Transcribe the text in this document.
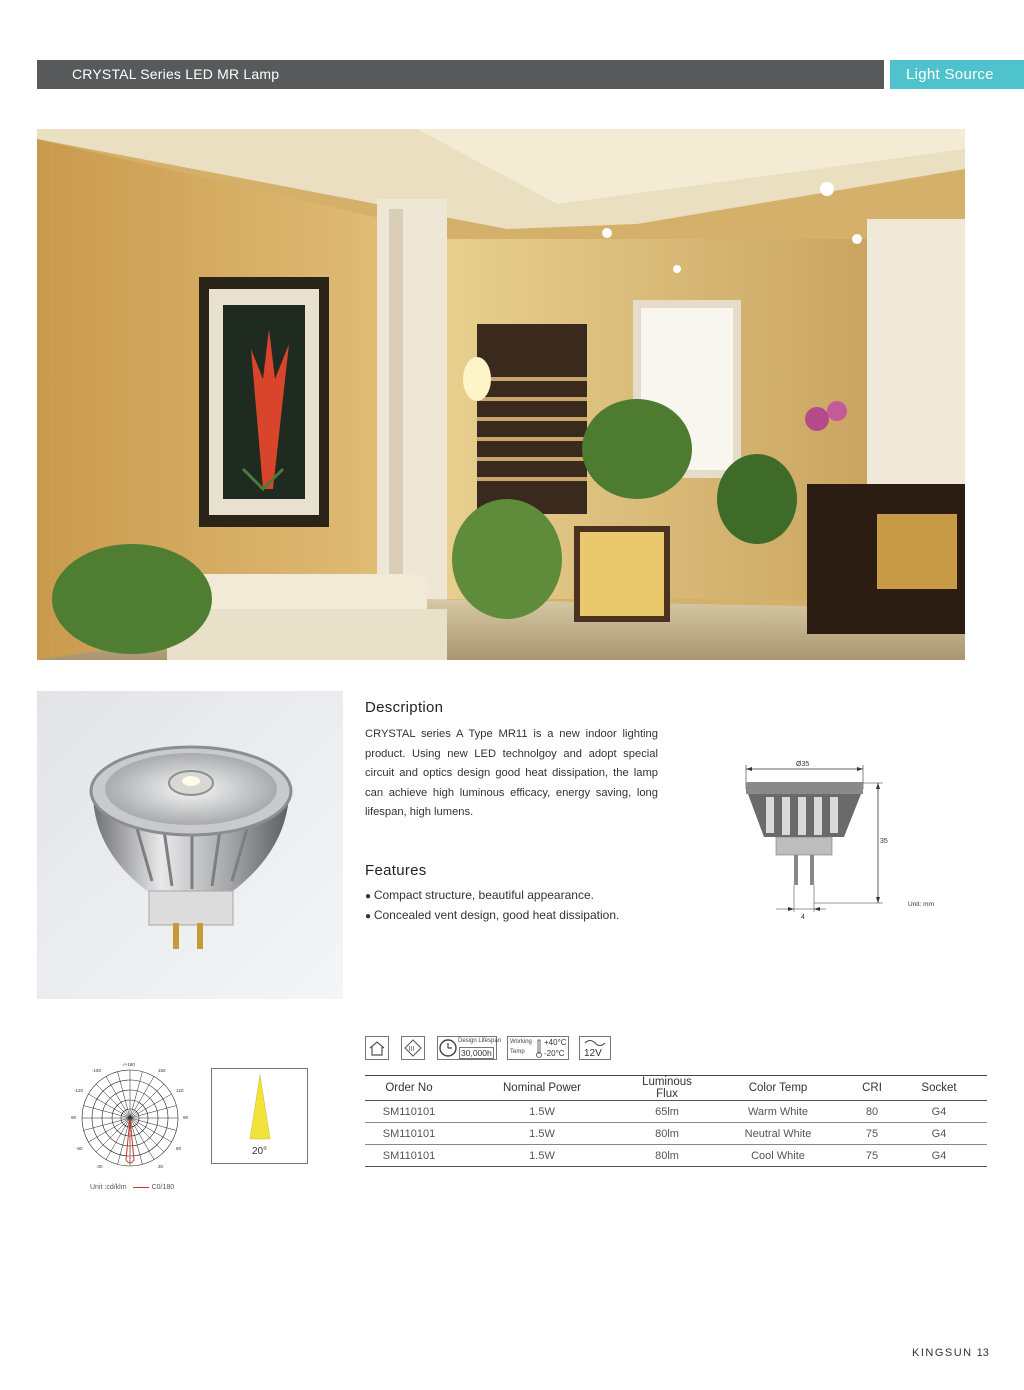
CRYSTAL Series LED MR Lamp	Light Source
Description
CRYSTAL series A Type MR11 is a new indoor lighting product. Using new LED technolgoy and adopt special circuit and optics design good heat dissipation, the lamp can achieve high luminous efficacy, energy saving, long lifespan, high lumens.
Features
● Compact structure, beautiful appearance.
● Concealed vent design, good heat dissipation.
Ø35
35
4
Unit: mm
III
Design Lifespan
30,000h
Working
Temp
+40°C
-20°C 12V
Order No	Nominal Power	Luminous Flux	Color Temp	CRI	Socket
SM110101	1.5W	65lm	Warm White	80	G4
SM110101	1.5W	80lm	Neutral White	75	G4
SM110101	1.5W	80lm	Cool White	75	G4
-/+180
-150	150
-120	120
90	90
-60	60
-30	30
Unit :cd/klm	C0/180
20°
KINGSUN 13
